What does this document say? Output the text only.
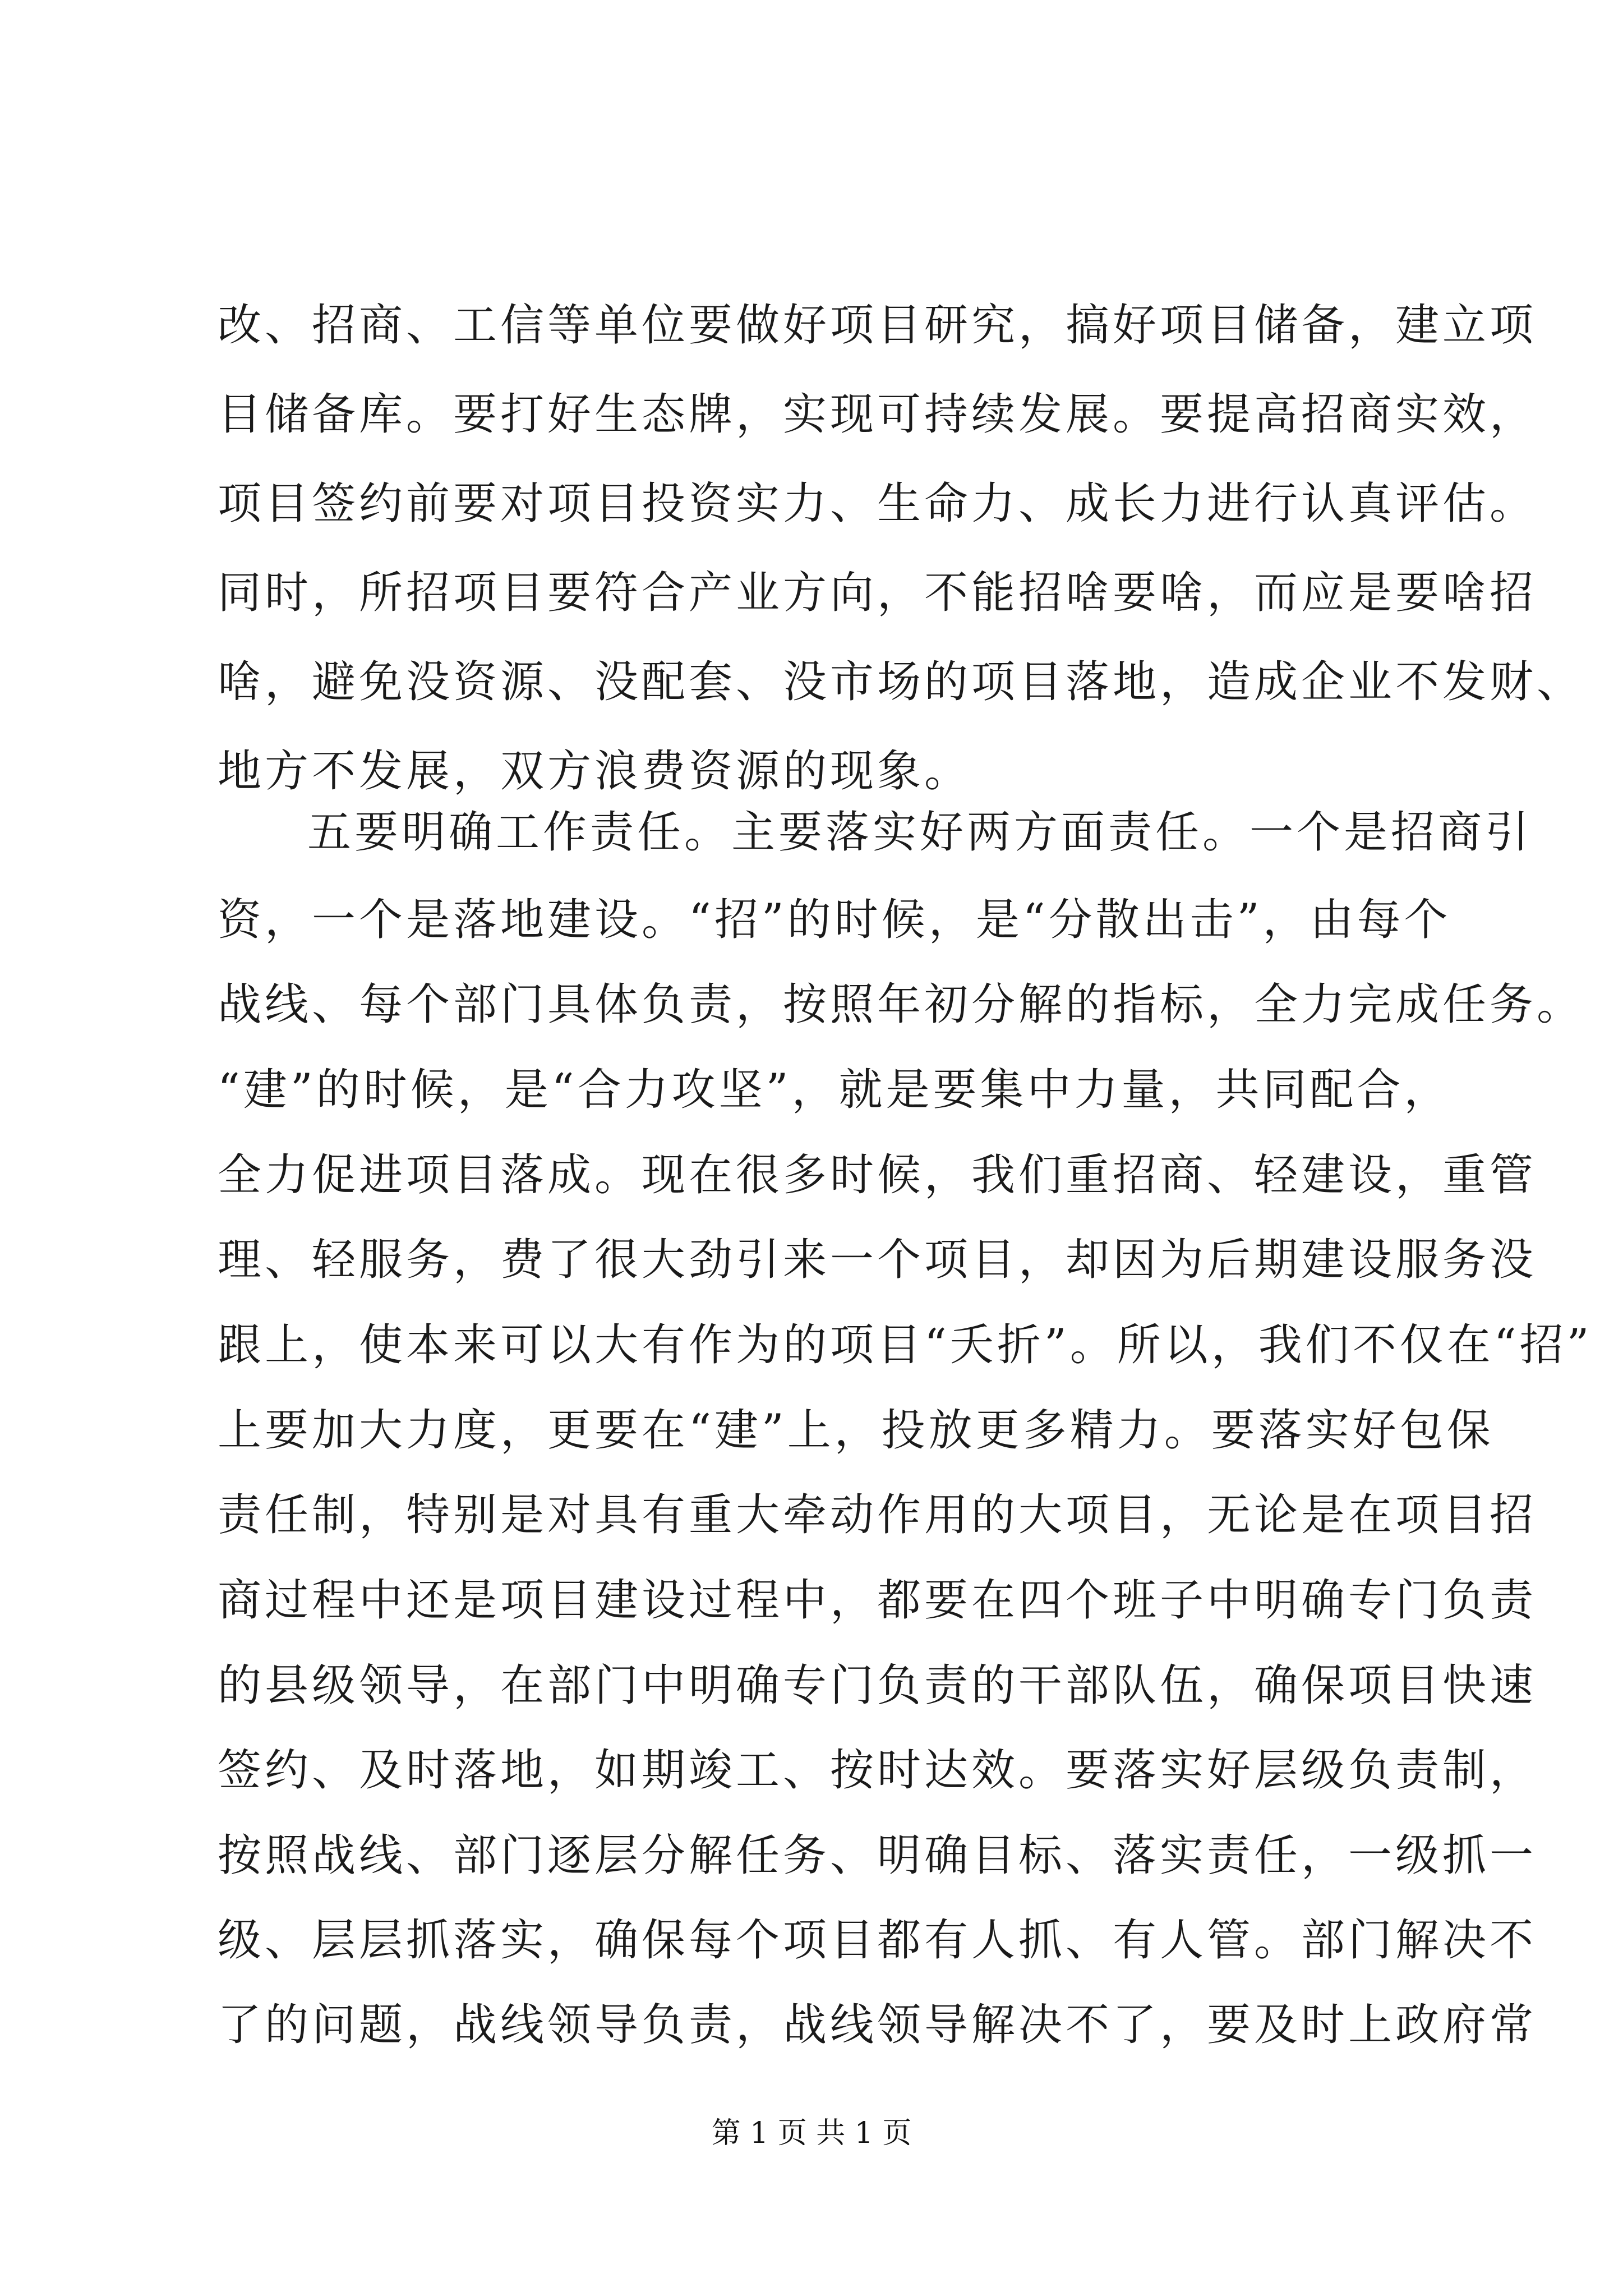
改、招商、工信等单位要做好项目研究，搞好项目储备，建立项
目储备库。要打好生态牌，实现可持续发展。要提高招商实效，
项目签约前要对项目投资实力、生命力、成长力进行认真评估。
同时，所招项目要符合产业方向，不能招啥要啥，而应是要啥招
啥，避免没资源、没配套、没市场的项目落地，造成企业不发财、
地方不发展，双方浪费资源的现象。
五要明确工作责任。主要落实好两方面责任。一个是招商引
资，一个是落地建设。“招”的时候，是“分散出击”，由每个
战线、每个部门具体负责，按照年初分解的指标，全力完成任务。
“建”的时候，是“合力攻坚”，就是要集中力量，共同配合，
全力促进项目落成。现在很多时候，我们重招商、轻建设，重管
理、轻服务，费了很大劲引来一个项目，却因为后期建设服务没
跟上，使本来可以大有作为的项目“夭折”。所以，我们不仅在“招”
上要加大力度，更要在“建”上，投放更多精力。要落实好包保
责任制，特别是对具有重大牵动作用的大项目，无论是在项目招
商过程中还是项目建设过程中，都要在四个班子中明确专门负责
的县级领导，在部门中明确专门负责的干部队伍，确保项目快速
签约、及时落地，如期竣工、按时达效。要落实好层级负责制，
按照战线、部门逐层分解任务、明确目标、落实责任，一级抓一
级、层层抓落实，确保每个项目都有人抓、有人管。部门解决不
了的问题，战线领导负责，战线领导解决不了，要及时上政府常
第 1 页 共 1 页
